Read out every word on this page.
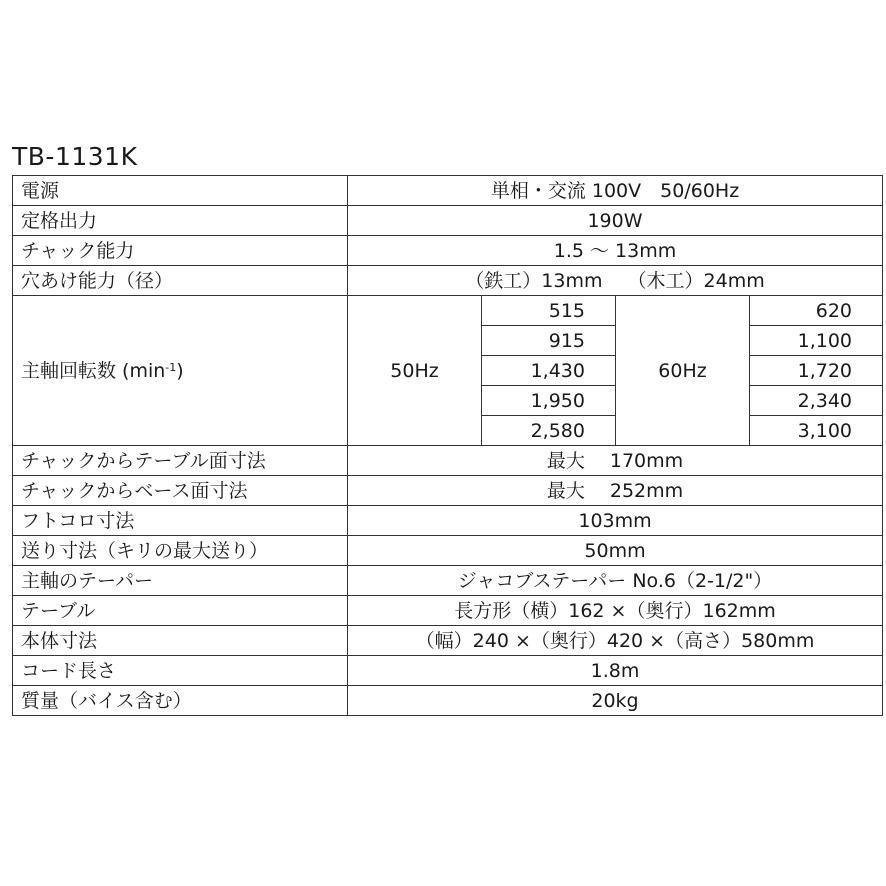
TB-1131K
電源	単相・交流 100V　50/60Hz			
定格出力	190W			
チャック能力	1.5 ～ 13mm			
穴あけ能力（径）	（鉄工）13mm　 （木工）24mm			
主軸回転数 $(\min^{-1})$	50Hz	515	60Hz	620
		915		1,100
		1,430		1,720
		1,950		2,340
		2,580		3,100
チャックからテーブル面寸法	最大　 170mm			
チャックからベース面寸法	最大　 252mm			
フトコロ寸法	103mm			
送り寸法（キリの最大送り）	50mm			
主軸のテーパー	ジャコブステーパー No.6（2-1/2"）			
テーブル	長方形（横）162 ×（奥行）162mm			
本体寸法	（幅）240 ×（奥行）420 ×（高さ）580mm			
コード長さ	1.8m			
質量（バイス含む）	20kg			
